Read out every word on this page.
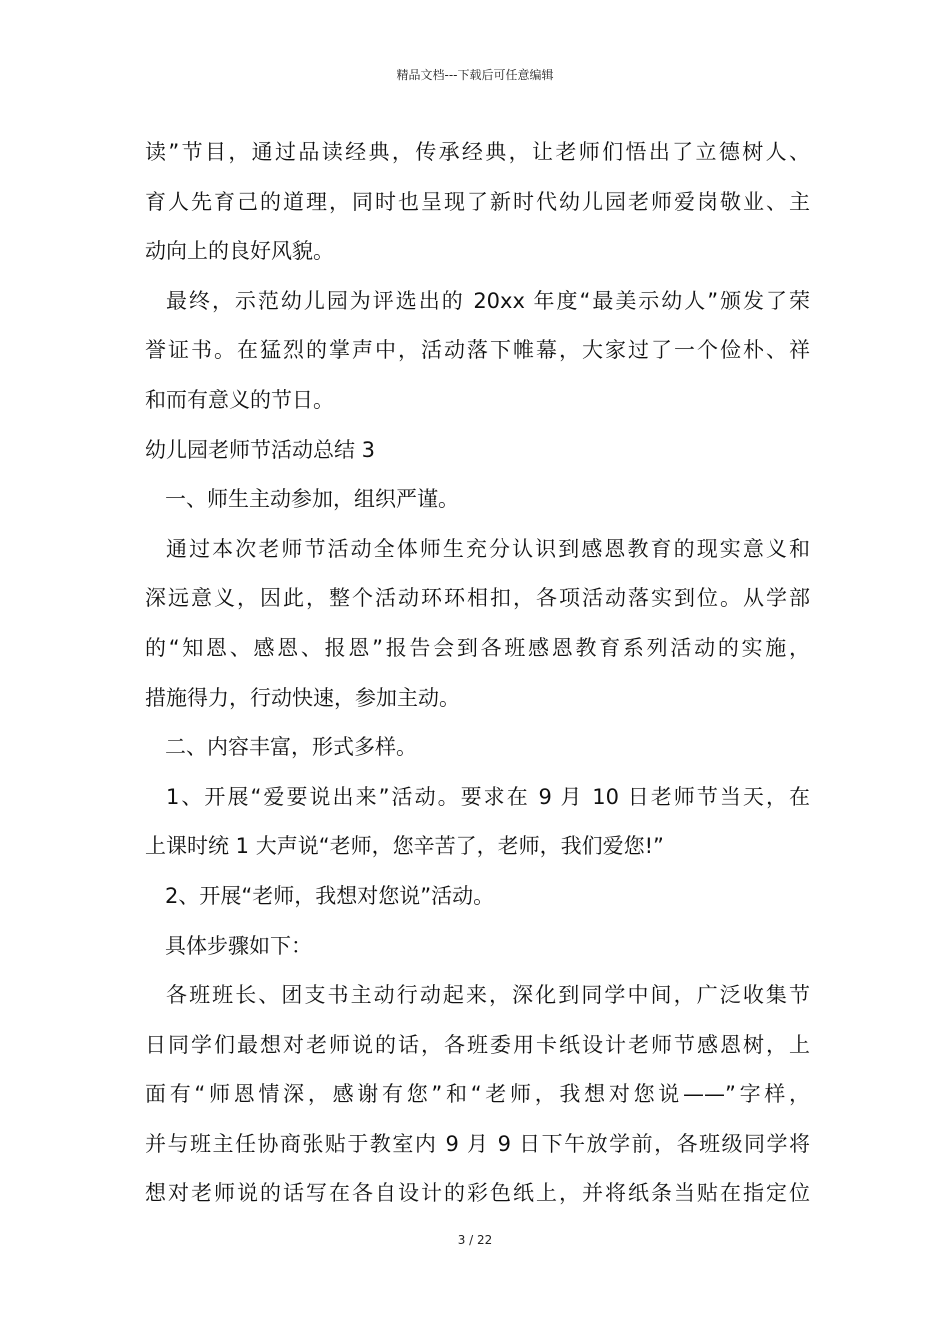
精品文档---下载后可任意编辑
读”节目，通过品读经典，传承经典，让老师们悟出了立德树人、
育人先育己的道理，同时也呈现了新时代幼儿园老师爱岗敬业、主
动向上的良好风貌。
最终，示范幼儿园为评选出的 20xx 年度“最美示幼人”颁发了荣
誉证书。在猛烈的掌声中，活动落下帷幕，大家过了一个俭朴、祥
和而有意义的节日。
幼儿园老师节活动总结 3
一、师生主动参加，组织严谨。
通过本次老师节活动全体师生充分认识到感恩教育的现实意义和
深远意义，因此，整个活动环环相扣，各项活动落实到位。从学部
的“知恩、感恩、报恩”报告会到各班感恩教育系列活动的实施，
措施得力，行动快速，参加主动。
二、内容丰富，形式多样。
1、开展“爱要说出来”活动。要求在 9 月 10 日老师节当天，在
上课时统 1 大声说“老师，您辛苦了，老师，我们爱您!”
2、开展“老师，我想对您说”活动。
具体步骤如下：
各班班长、团支书主动行动起来，深化到同学中间，广泛收集节
日同学们最想对老师说的话，各班委用卡纸设计老师节感恩树，上
面有“师恩情深，感谢有您”和“老师，我想对您说——”字样，
并与班主任协商张贴于教室内 9 月 9 日下午放学前，各班级同学将
想对老师说的话写在各自设计的彩色纸上，并将纸条当贴在指定位
3 / 22
